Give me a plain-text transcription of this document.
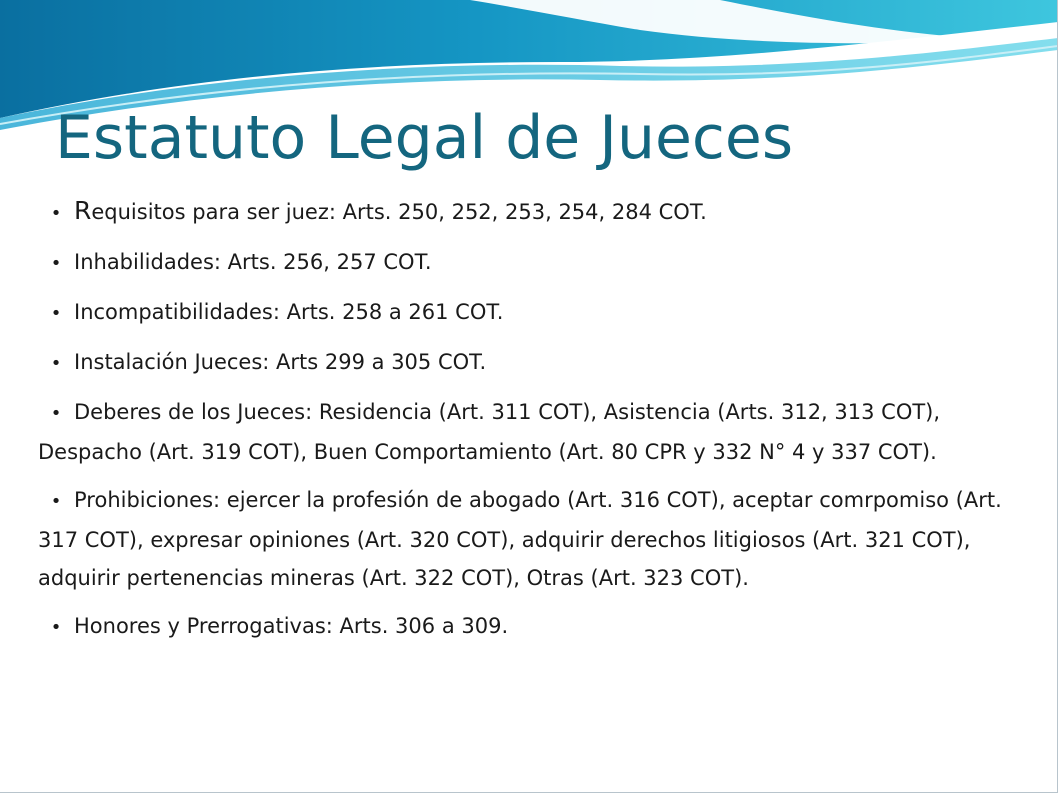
Estatuto Legal de Jueces
•Requisitos para ser juez: Arts. 250, 252, 253, 254, 284 COT.
•Inhabilidades: Arts. 256, 257 COT.
•Incompatibilidades: Arts. 258 a 261 COT.
•Instalación Jueces: Arts 299 a 305 COT.
•Deberes de los Jueces: Residencia (Art. 311 COT), Asistencia (Arts. 312, 313 COT), Despacho (Art. 319 COT), Buen Comportamiento (Art. 80 CPR y 332 N° 4 y 337 COT).
•Prohibiciones: ejercer la profesión de abogado (Art. 316 COT), aceptar comrpomiso (Art. 317 COT), expresar opiniones (Art. 320 COT), adquirir derechos litigiosos (Art. 321 COT), adquirir pertenencias mineras (Art. 322 COT), Otras (Art. 323 COT).
•Honores y Prerrogativas: Arts. 306 a 309.
